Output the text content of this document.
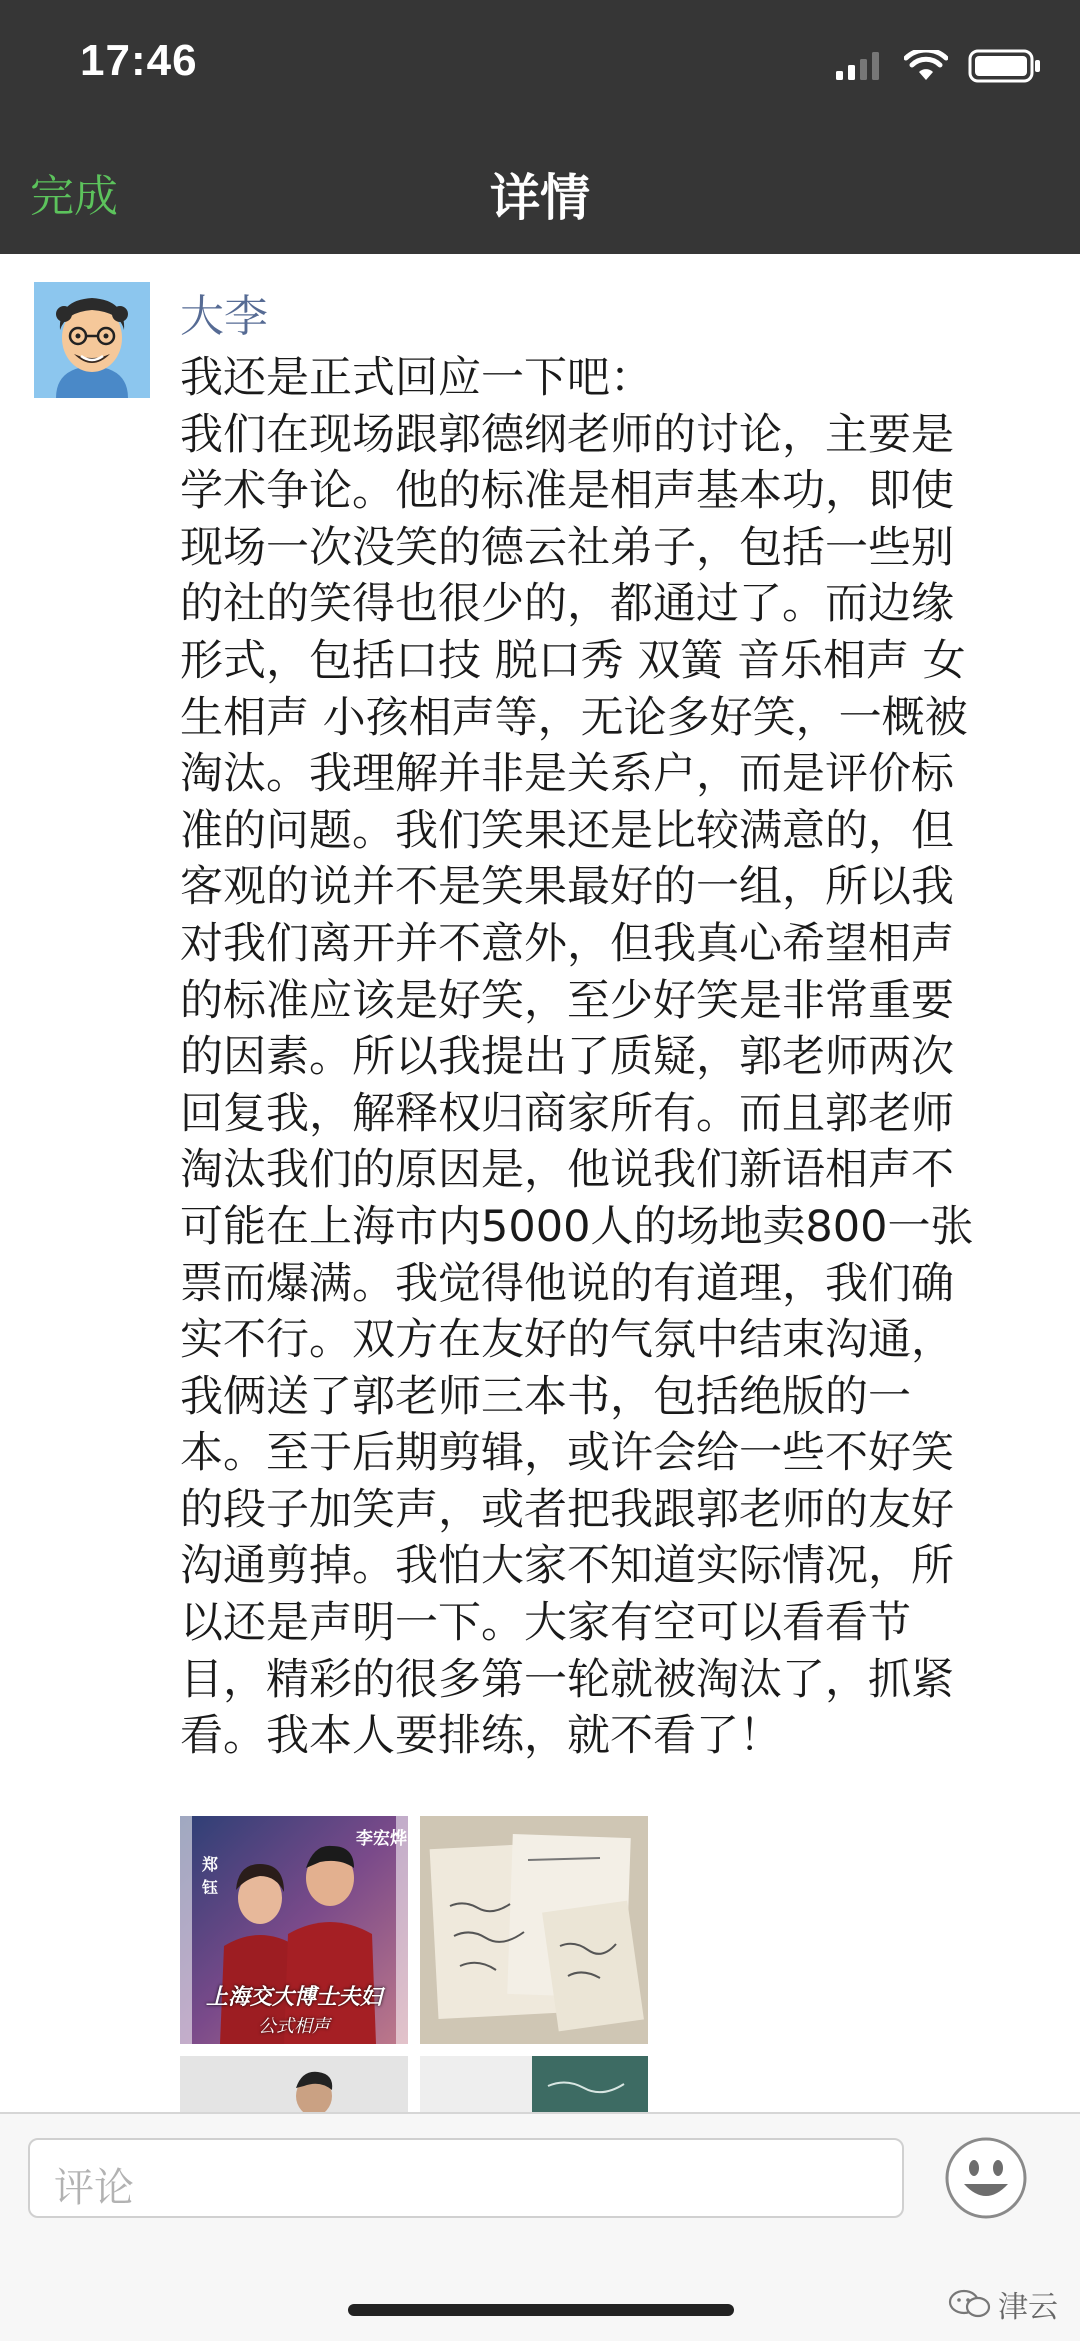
17:46
完成	详情
大李
我还是正式回应一下吧：
我们在现场跟郭德纲老师的讨论，主要是
学术争论。他的标准是相声基本功，即使
现场一次没笑的德云社弟子，包括一些别
的社的笑得也很少的，都通过了。而边缘
形式，包括口技 脱口秀 双簧 音乐相声 女
生相声 小孩相声等，无论多好笑，一概被
淘汰。我理解并非是关系户，而是评价标
准的问题。我们笑果还是比较满意的，但
客观的说并不是笑果最好的一组，所以我
对我们离开并不意外，但我真心希望相声
的标准应该是好笑，至少好笑是非常重要
的因素。所以我提出了质疑，郭老师两次
回复我，解释权归商家所有。而且郭老师
淘汰我们的原因是，他说我们新语相声不
可能在上海市内5000人的场地卖800一张
票而爆满。我觉得他说的有道理，我们确
实不行。双方在友好的气氛中结束沟通，
我俩送了郭老师三本书，包括绝版的一
本。至于后期剪辑，或许会给一些不好笑
的段子加笑声，或者把我跟郭老师的友好
沟通剪掉。我怕大家不知道实际情况，所
以还是声明一下。大家有空可以看看节
目，精彩的很多第一轮就被淘汰了，抓紧
看。我本人要排练，就不看了！
郑钰
李宏烨
上海交大博士夫妇
公式相声
评论
津云
